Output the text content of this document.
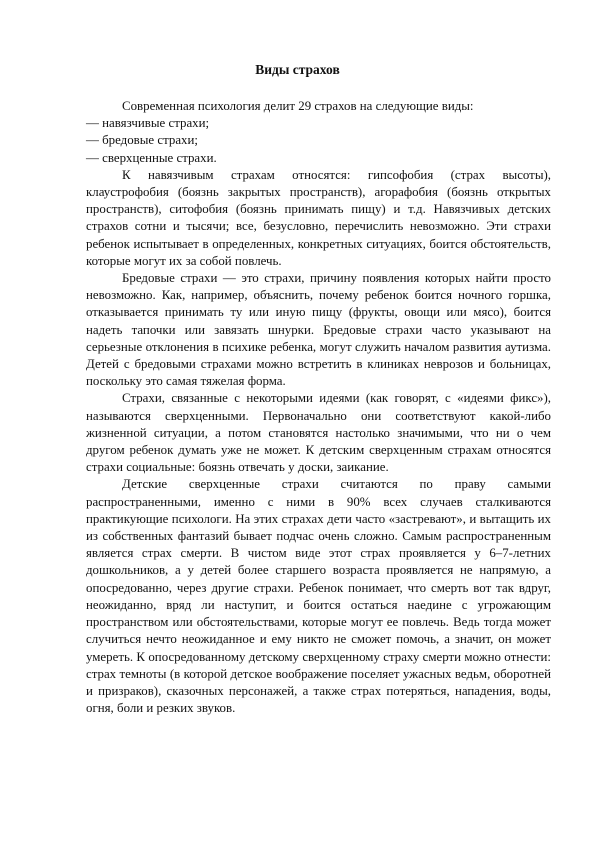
Виды страхов

Современная психология делит 29 страхов на следующие виды:

— навязчивые страхи;

— бредовые страхи;

— сверхценные страхи.

К навязчивым страхам относятся: гипсофобия (страх высоты), клаустрофобия (боязнь закрытых пространств), агорафобия (боязнь открытых пространств), ситофобия (боязнь принимать пищу) и т.д. Навязчивых детских страхов сотни и тысячи; все, безусловно, перечислить невозможно. Эти страхи ребенок испытывает в определенных, конкретных ситуациях, боится обстоятельств, которые могут их за собой повлечь.

Бредовые страхи — это страхи, причину появления которых найти просто невозможно. Как, например, объяснить, почему ребенок боится ночного горшка, отказывается принимать ту или иную пищу (фрукты, овощи или мясо), боится надеть тапочки или завязать шнурки. Бредовые страхи часто указывают на серьезные отклонения в психике ребенка, могут служить началом развития аутизма. Детей с бредовыми страхами можно встретить в клиниках неврозов и больницах, поскольку это самая тяжелая форма.

Страхи, связанные с некоторыми идеями (как говорят, с «идеями фикс»), называются сверхценными. Первоначально они соответствуют какой-либо жизненной ситуации, а потом становятся настолько значимыми, что ни о чем другом ребенок думать уже не может. К детским сверхценным страхам относятся страхи социальные: боязнь отвечать у доски, заикание.

Детские сверхценные страхи считаются по праву самыми распространенными, именно с ними в 90% всех случаев сталкиваются практикующие психологи. На этих страхах дети часто «застревают», и вытащить их из собственных фантазий бывает подчас очень сложно. Самым распространенным является страх смерти. В чистом виде этот страх проявляется у 6–7-летних дошкольников, а у детей более старшего возраста проявляется не напрямую, а опосредованно, через другие страхи. Ребенок понимает, что смерть вот так вдруг, неожиданно, вряд ли наступит, и боится остаться наедине с угрожающим пространством или обстоятельствами, которые могут ее повлечь. Ведь тогда может случиться нечто неожиданное и ему никто не сможет помочь, а значит, он может умереть. К опосредованному детскому сверхценному страху смерти можно отнести: страх темноты (в которой детское воображение поселяет ужасных ведьм, оборотней и призраков), сказочных персонажей, а также страх потеряться, нападения, воды, огня, боли и резких звуков.
